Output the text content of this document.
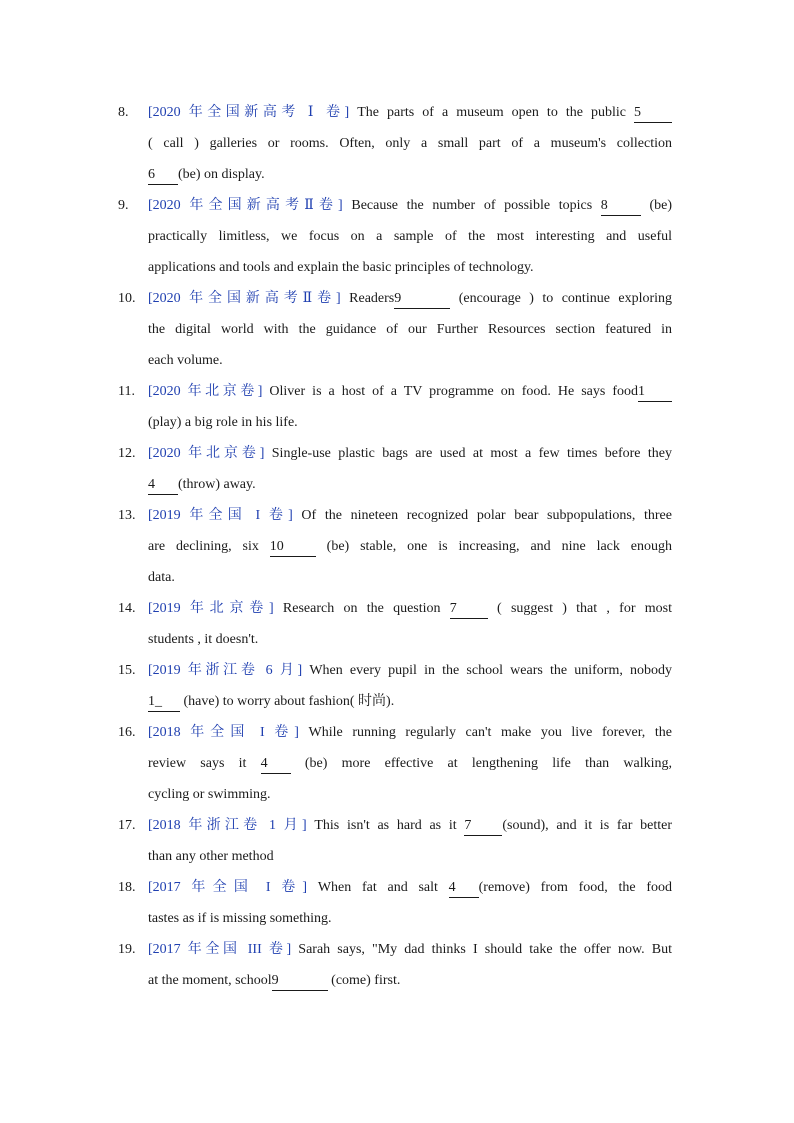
8.	[2020 年全国新高考 Ⅰ 卷] The parts of a museum open to the public 5
( call ) galleries or rooms. Often, only a small part of a museum's collection
6 (be) on display.
9.	[2020 年全国新高考Ⅱ卷] Because the number of possible topics 8 (be)
practically limitless, we focus on a sample of the most interesting and useful
applications and tools and explain the basic principles of technology.
10. [2020 年全国新高考Ⅱ卷] Readers9	(encourage ) to continue exploring
the digital world with the guidance of our Further Resources section featured in
each volume.
11. [2020 年北京卷] Oliver is a host of a TV programme on food. He says food1
(play) a big role in his life.
12. [2020 年北京卷] Single-use plastic bags are used at most a few times before they
4 (throw) away.
13. [2019 年全国 I 卷] Of the nineteen recognized polar bear subpopulations, three
are declining, six 10 (be) stable, one is increasing, and nine lack enough
data.
14. [2019 年北京卷] Research on the question 7 ( suggest ) that , for most
students , it doesn't.
15. [2019 年浙江卷 6 月] When every pupil in the school wears the uniform, nobody
1_ (have) to worry about fashion( 时尚).
16. [2018 年全国 I 卷] While running regularly can't make you live forever, the
review says it 4 (be) more effective at lengthening life than walking,
cycling or swimming.
17. [2018 年浙江卷 1 月] This isn't as hard as it 7 (sound), and it is far better
than any other method
18. [2017 年全国 I 卷] When fat and salt 4 (remove) from food, the food
tastes as if is missing something.
19. [2017 年全国 III 卷] Sarah says, "My dad thinks I should take the offer now. But
at the moment, school9	(come) first.
